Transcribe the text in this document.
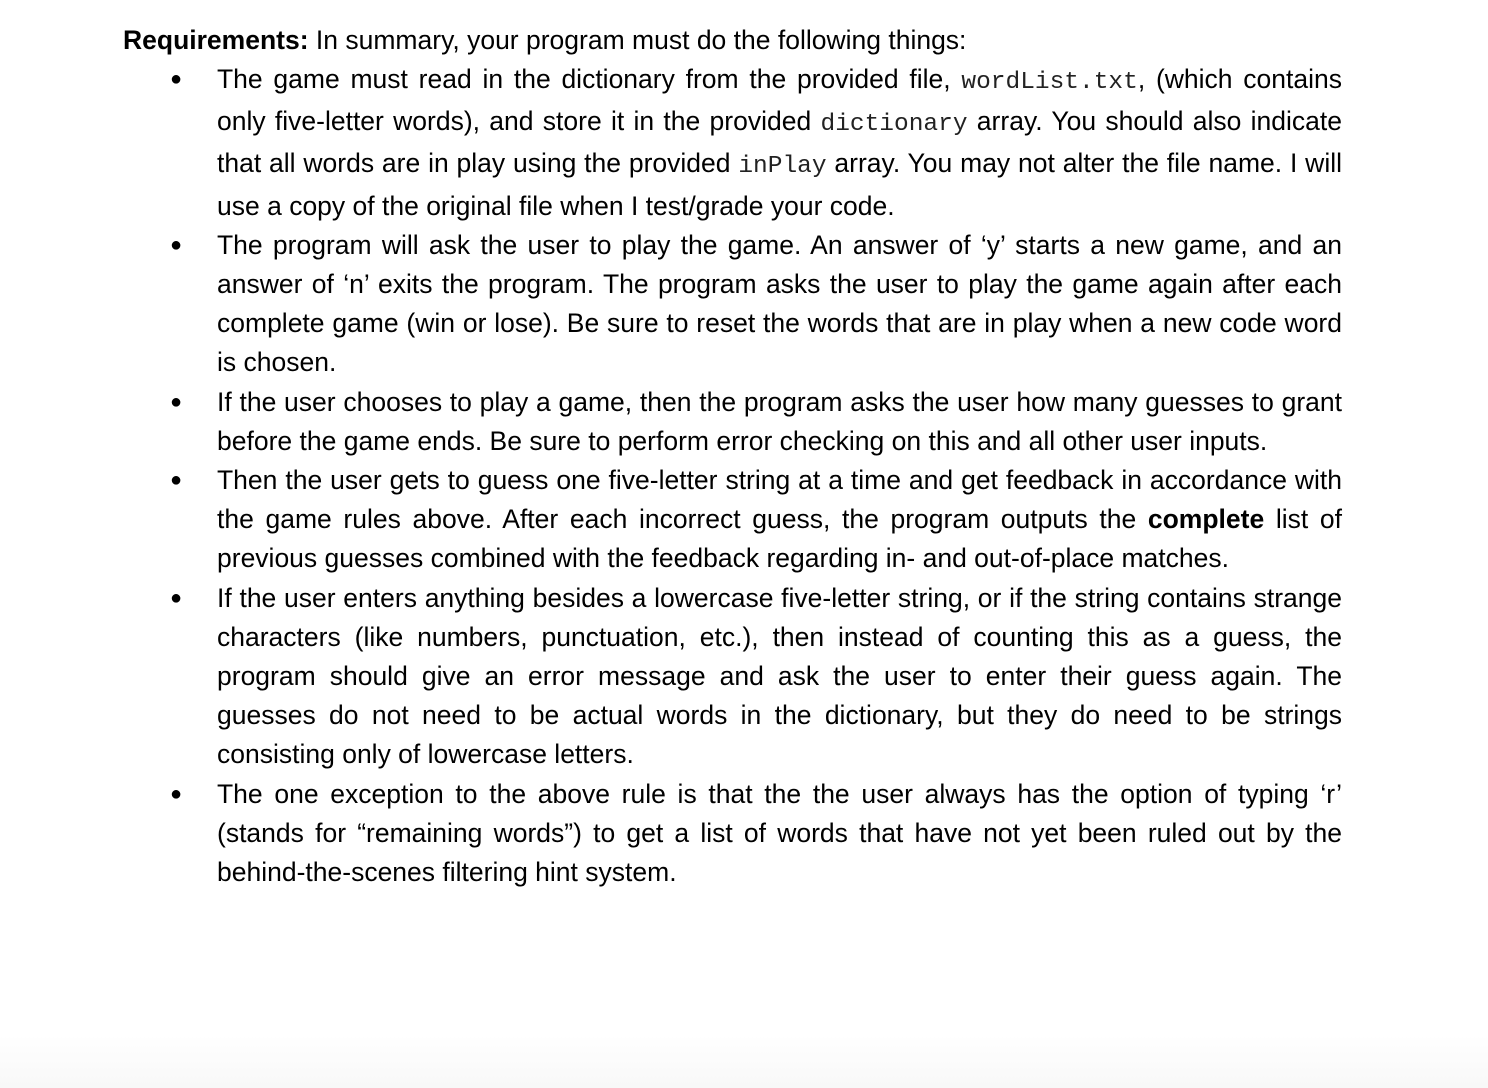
Requirements: In summary, your program must do the following things:
● The game must read in the dictionary from the provided file, wordList.txt, (which contains only five-letter words), and store it in the provided dictionary array. You should also indicate that all words are in play using the provided inPlay array. You may not alter the file name. I will use a copy of the original file when I test/grade your code.
● The program will ask the user to play the game. An answer of ‘y’ starts a new game, and an answer of ‘n’ exits the program. The program asks the user to play the game again after each complete game (win or lose). Be sure to reset the words that are in play when a new code word is chosen.
● If the user chooses to play a game, then the program asks the user how many guesses to grant before the game ends. Be sure to perform error checking on this and all other user inputs.
● Then the user gets to guess one five-letter string at a time and get feedback in accordance with the game rules above. After each incorrect guess, the program outputs the complete list of previous guesses combined with the feedback regarding in- and out-of-place matches.
● If the user enters anything besides a lowercase five-letter string, or if the string contains strange characters (like numbers, punctuation, etc.), then instead of counting this as a guess, the program should give an error message and ask the user to enter their guess again. The guesses do not need to be actual words in the dictionary, but they do need to be strings consisting only of lowercase letters.
● The one exception to the above rule is that the the user always has the option of typing ‘r’ (stands for “remaining words”) to get a list of words that have not yet been ruled out by the behind-the-scenes filtering hint system.
